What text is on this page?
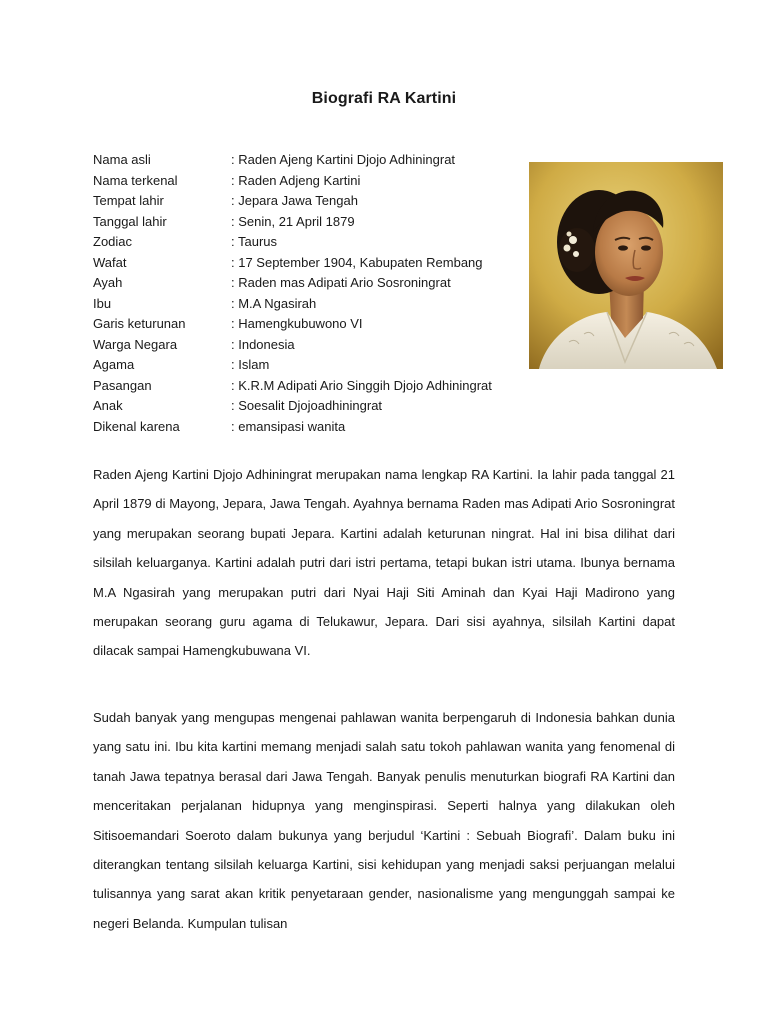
Biografi RA Kartini
Nama asli	: Raden Ajeng Kartini Djojo Adhiningrat
Nama terkenal	: Raden Adjeng Kartini
Tempat lahir	: Jepara Jawa Tengah
Tanggal lahir	: Senin, 21 April 1879
Zodiac	: Taurus
Wafat	: 17 September 1904, Kabupaten Rembang
Ayah	: Raden mas Adipati Ario Sosroningrat
Ibu	: M.A Ngasirah
Garis keturunan	: Hamengkubuwono VI
Warga Negara	: Indonesia
Agama	: Islam
Pasangan	: K.R.M Adipati Ario Singgih Djojo Adhiningrat
Anak	: Soesalit Djojoadhiningrat
Dikenal karena	: emansipasi wanita

Raden Ajeng Kartini Djojo Adhiningrat merupakan nama lengkap RA Kartini. Ia lahir pada tanggal 21 April 1879 di Mayong, Jepara, Jawa Tengah. Ayahnya bernama Raden mas Adipati Ario Sosroningrat yang merupakan seorang bupati Jepara. Kartini adalah keturunan ningrat. Hal ini bisa dilihat dari silsilah keluarganya. Kartini adalah putri dari istri pertama, tetapi bukan istri utama. Ibunya bernama M.A Ngasirah yang merupakan putri dari Nyai Haji Siti Aminah dan Kyai Haji Madirono yang merupakan seorang guru agama di Telukawur, Jepara. Dari sisi ayahnya, silsilah Kartini dapat dilacak sampai Hamengkubuwana VI.

Sudah banyak yang mengupas mengenai pahlawan wanita berpengaruh di Indonesia bahkan dunia yang satu ini. Ibu kita kartini memang menjadi salah satu tokoh pahlawan wanita yang fenomenal di tanah Jawa tepatnya berasal dari Jawa Tengah. Banyak penulis menuturkan biografi RA Kartini dan menceritakan perjalanan hidupnya yang menginspirasi. Seperti halnya yang dilakukan oleh Sitisoemandari Soeroto dalam bukunya yang berjudul ‘Kartini : Sebuah Biografi’. Dalam buku ini diterangkan tentang silsilah keluarga Kartini, sisi kehidupan yang menjadi saksi perjuangan melalui tulisannya yang sarat akan kritik penyetaraan gender, nasionalisme yang mengunggah sampai ke negeri Belanda. Kumpulan tulisan
